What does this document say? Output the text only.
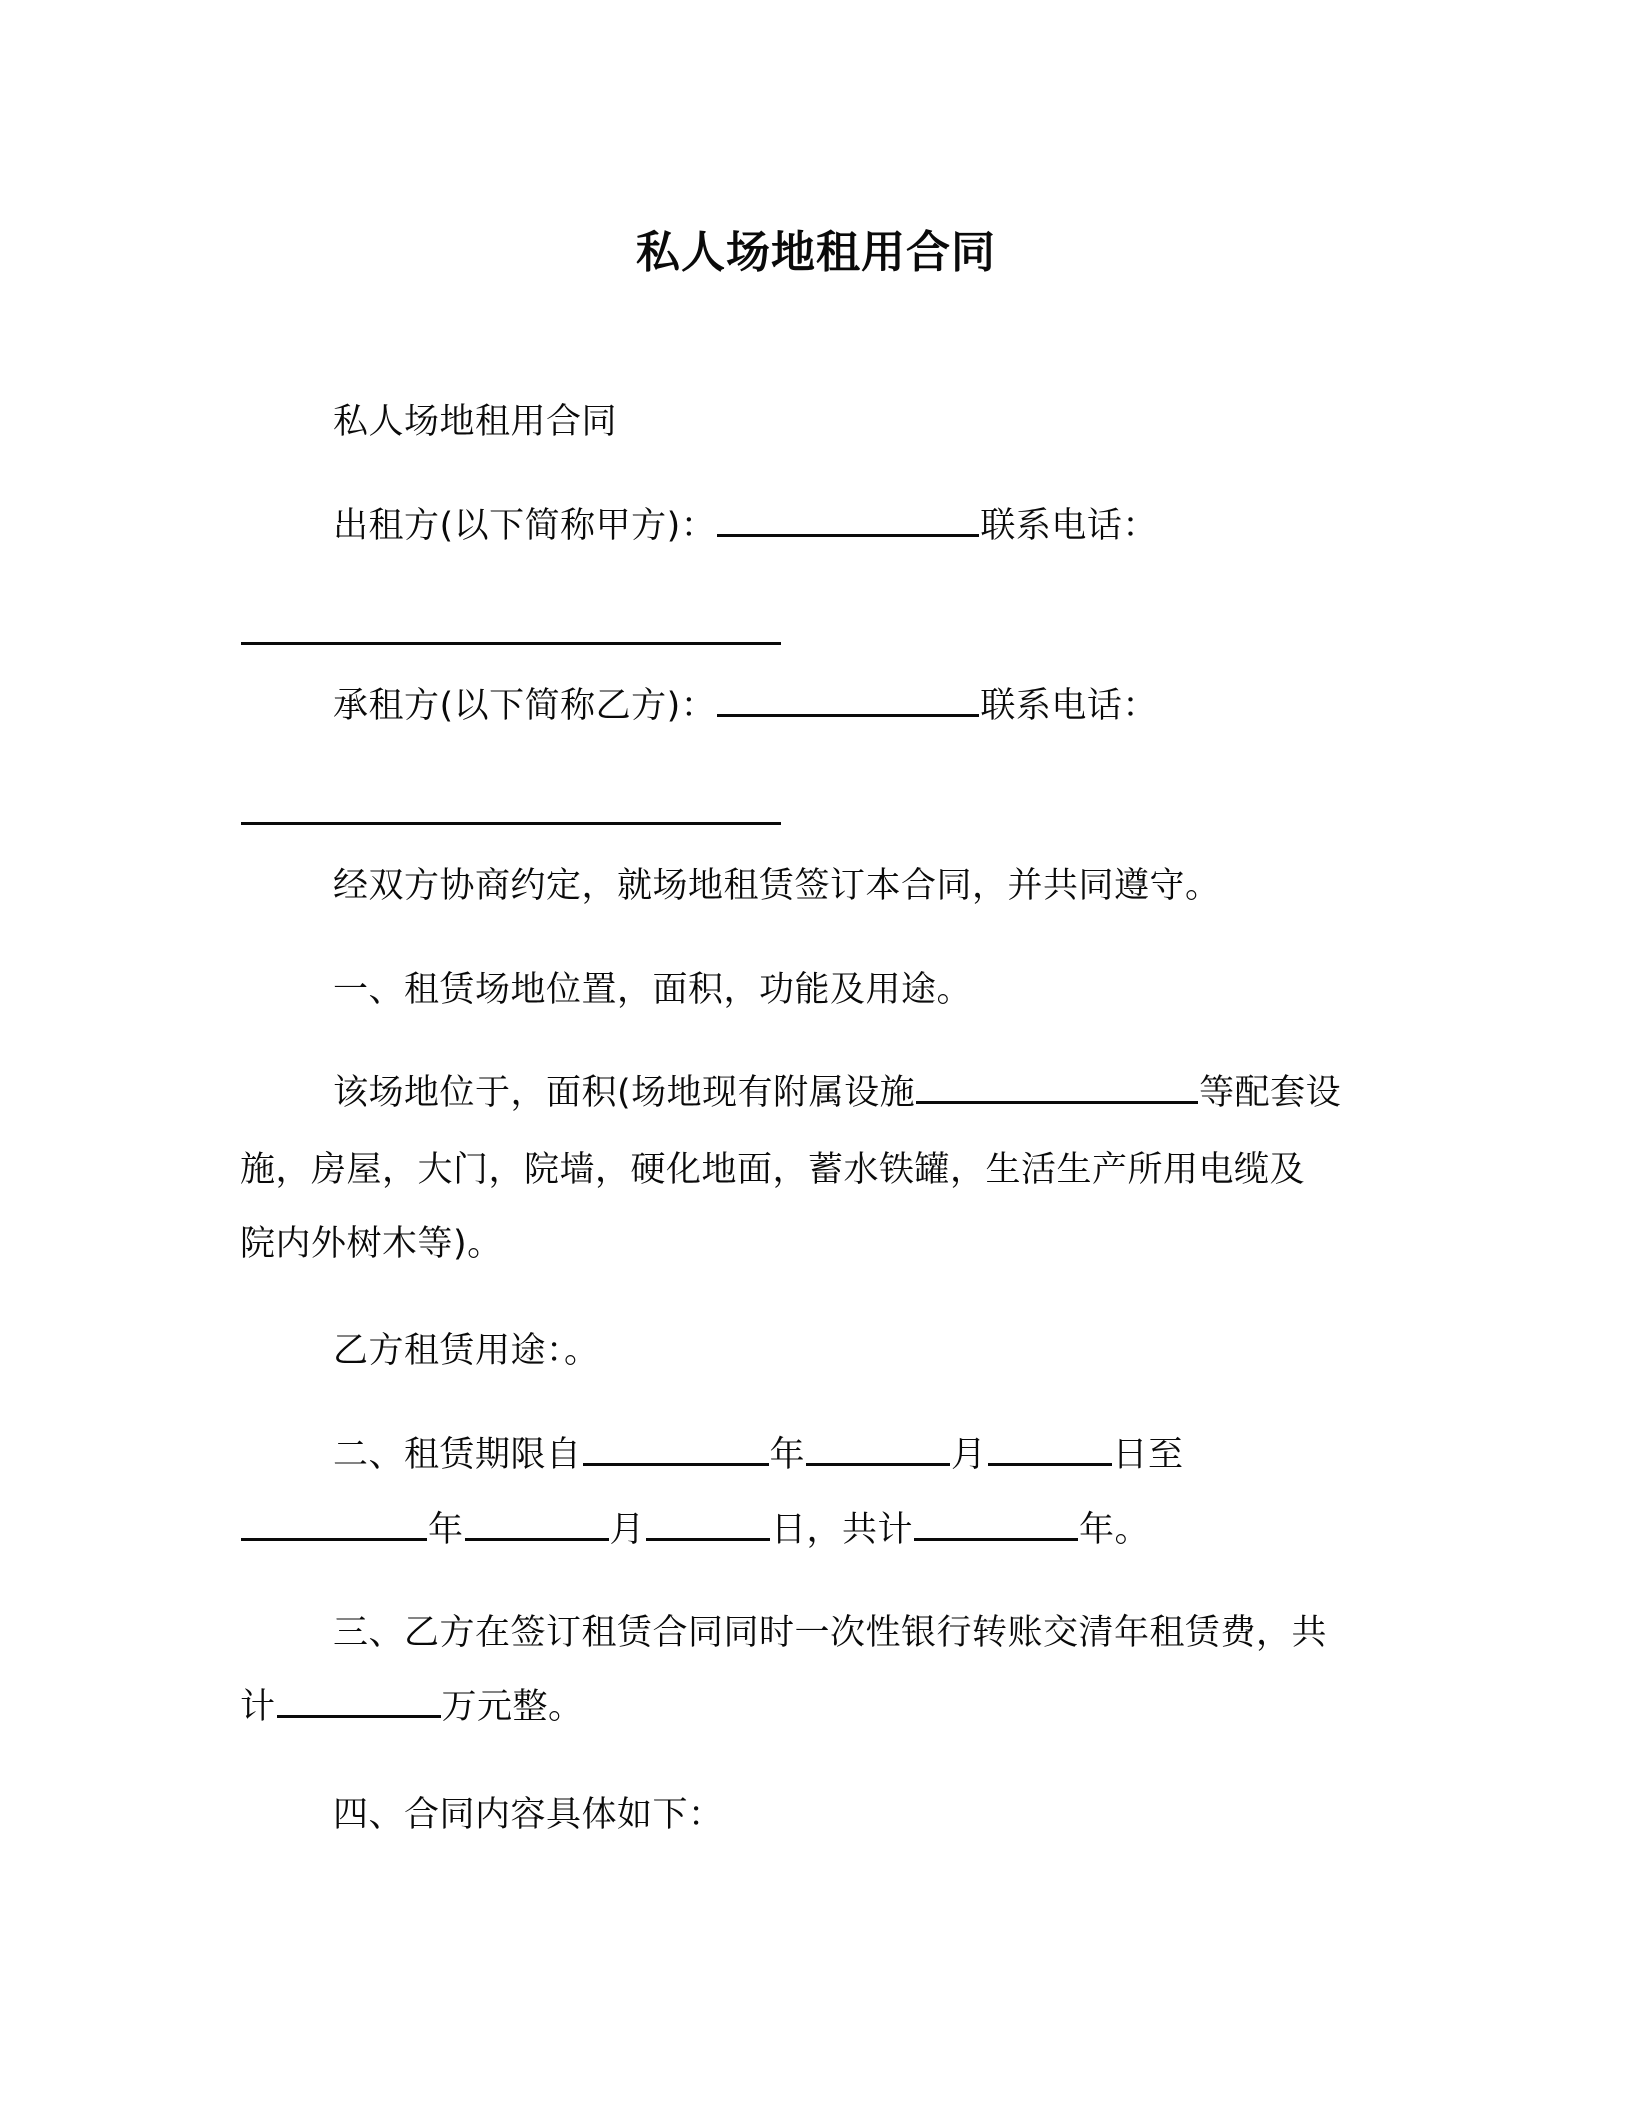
私人场地租用合同
私人场地租用合同
出租方(以下简称甲方)：	联系电话：
承租方(以下简称乙方)：	联系电话：
经双方协商约定，就场地租赁签订本合同，并共同遵守。
一、租赁场地位置，面积，功能及用途。
该场地位于，面积(场地现有附属设施	等配套设
施，房屋，大门，院墙，硬化地面，蓄水铁罐，生活生产所用电缆及
院内外树木等)。
乙方租赁用途：。
二、租赁期限自	年	月	日至
年	月	日，共计	年。
三、乙方在签订租赁合同同时一次性银行转账交清年租赁费，共
计	万元整。
四、合同内容具体如下：
